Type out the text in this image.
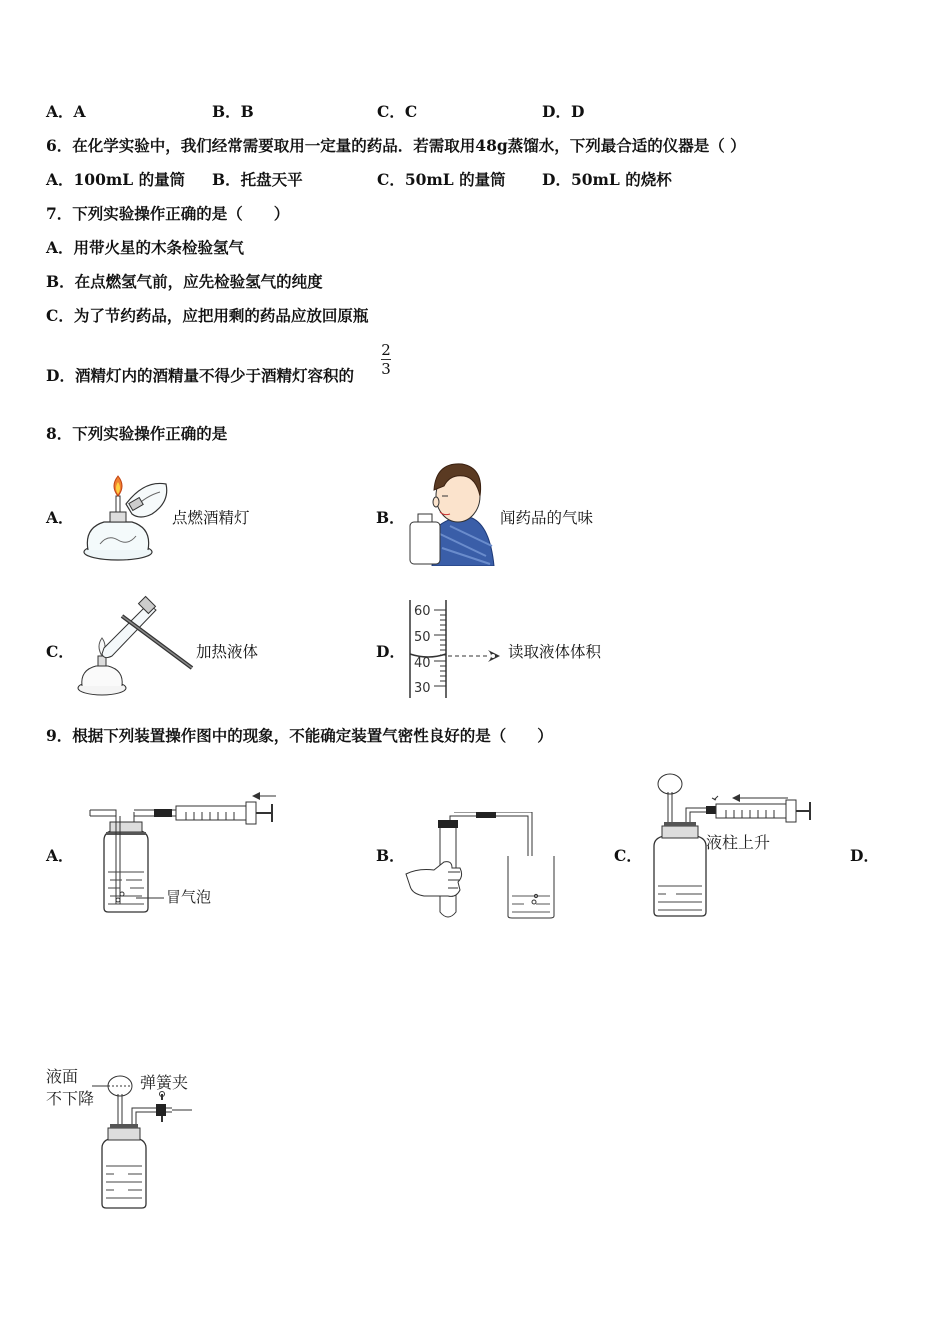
A．A	B．B	C．C	D．D
6．在化学实验中，我们经常需要取用一定量的药品．若需取用48g蒸馏水，下列最合适的仪器是（ ）
A．100mL 的量筒 B．托盘天平	C．50mL 的量筒 D．50mL 的烧杯
7．下列实验操作正确的是（　　）
A．用带火星的木条检验氢气
B．在点燃氢气前，应先检验氢气的纯度
C．为了节约药品，应把用剩的药品应放回原瓶
D．酒精灯内的酒精量不得少于酒精灯容积的
2
3
8．下列实验操作正确的是
A．	点燃酒精灯	B．	闻药品的气味
C．	加热液体	D．
60
50
40
30
读取液体体积
9．根据下列装置操作图中的现象，不能确定装置气密性良好的是（　　）
A．
冒气泡
B．	C．
液柱上升
D．
液面
不下降
弹簧夹
